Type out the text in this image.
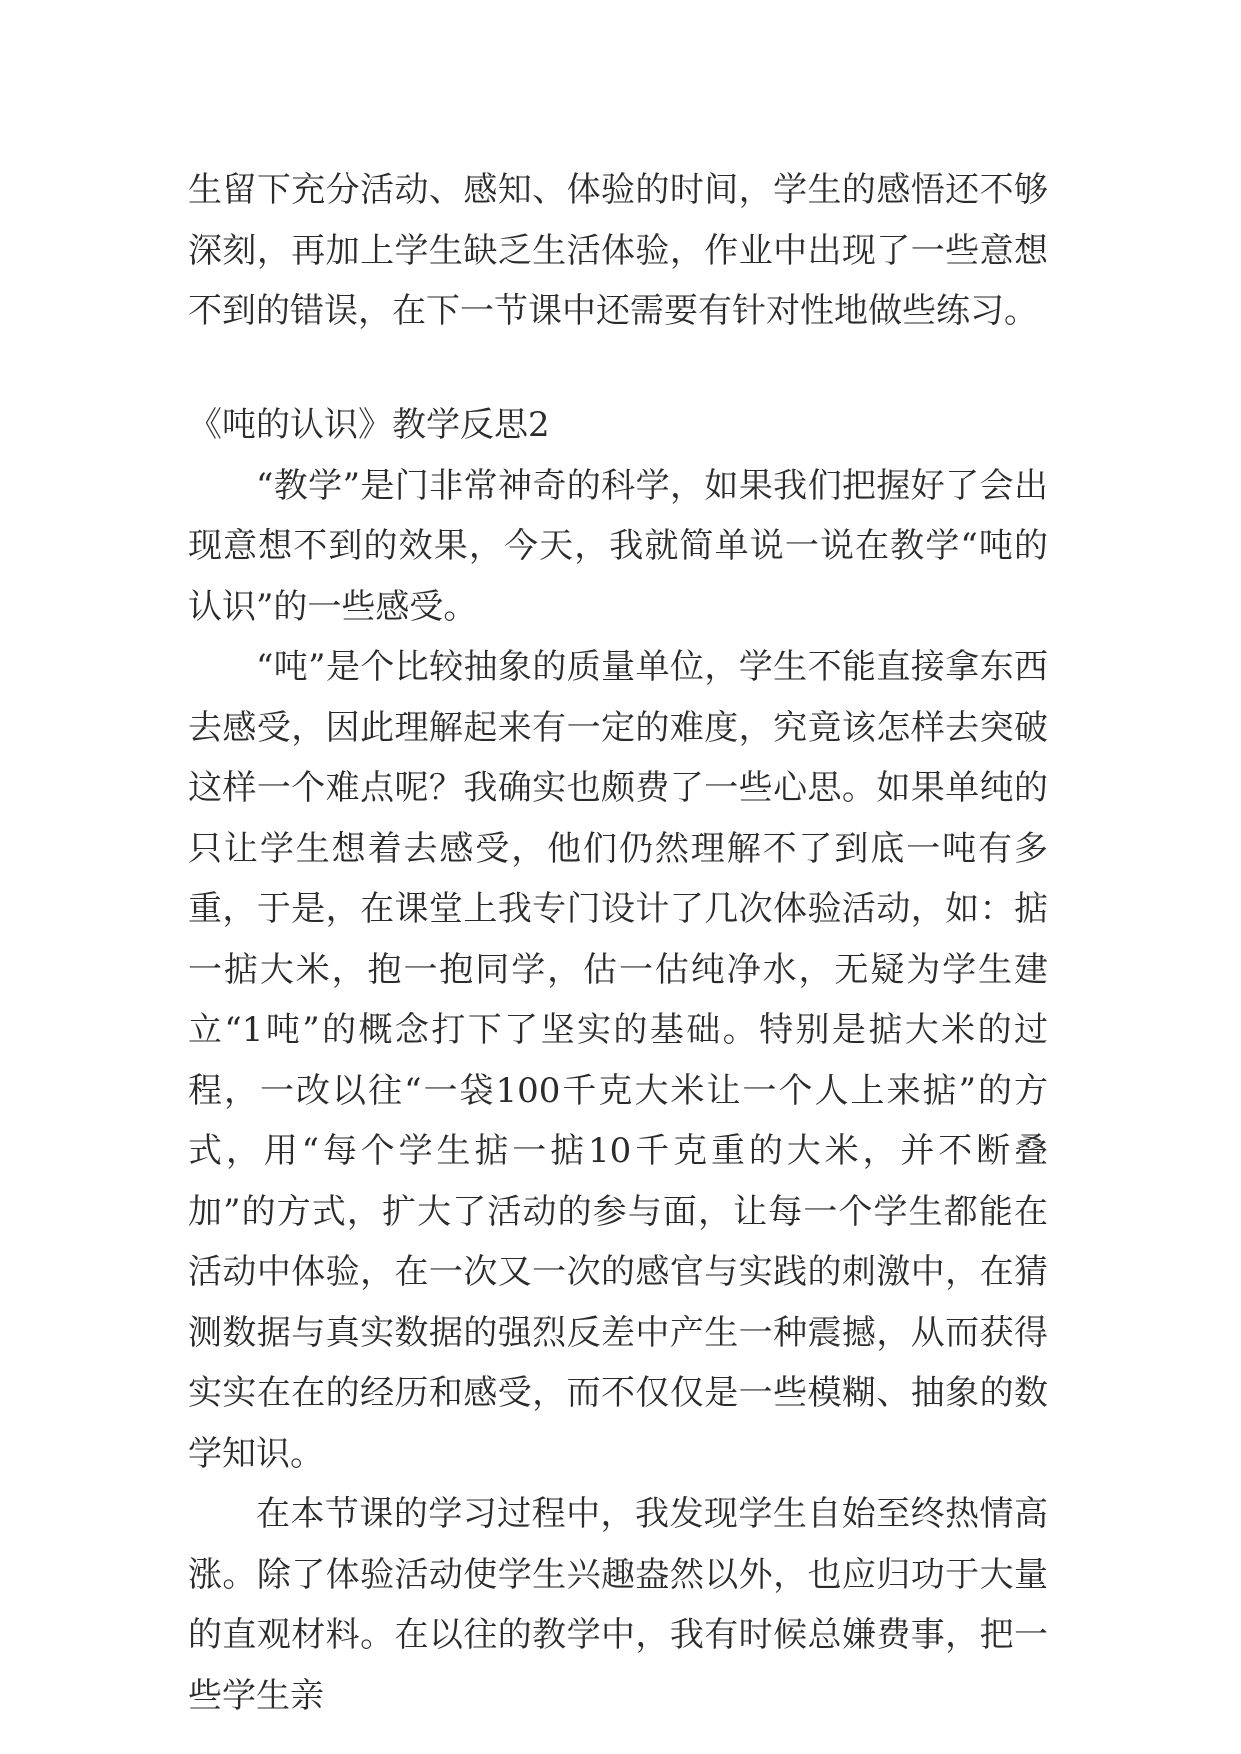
生留下充分活动、感知、体验的时间，学生的感悟还不够深刻，再加上学生缺乏生活体验，作业中出现了一些意想不到的错误，在下一节课中还需要有针对性地做些练习。

《吨的认识》教学反思2

“教学”是门非常神奇的科学，如果我们把握好了会出现意想不到的效果，今天，我就简单说一说在教学“吨的认识”的一些感受。

“吨”是个比较抽象的质量单位，学生不能直接拿东西去感受，因此理解起来有一定的难度，究竟该怎样去突破这样一个难点呢？我确实也颇费了一些心思。如果单纯的只让学生想着去感受，他们仍然理解不了到底一吨有多重，于是，在课堂上我专门设计了几次体验活动，如：掂一掂大米，抱一抱同学，估一估纯净水，无疑为学生建立“1吨”的概念打下了坚实的基础。特别是掂大米的过程，一改以往“一袋100千克大米让一个人上来掂”的方式，用“每个学生掂一掂10千克重的大米，并不断叠加”的方式，扩大了活动的参与面，让每一个学生都能在活动中体验，在一次又一次的感官与实践的刺激中，在猜测数据与真实数据的强烈反差中产生一种震撼，从而获得实实在在的经历和感受，而不仅仅是一些模糊、抽象的数学知识。

在本节课的学习过程中，我发现学生自始至终热情高涨。除了体验活动使学生兴趣盎然以外，也应归功于大量的直观材料。在以往的教学中，我有时候总嫌费事，把一些学生亲
